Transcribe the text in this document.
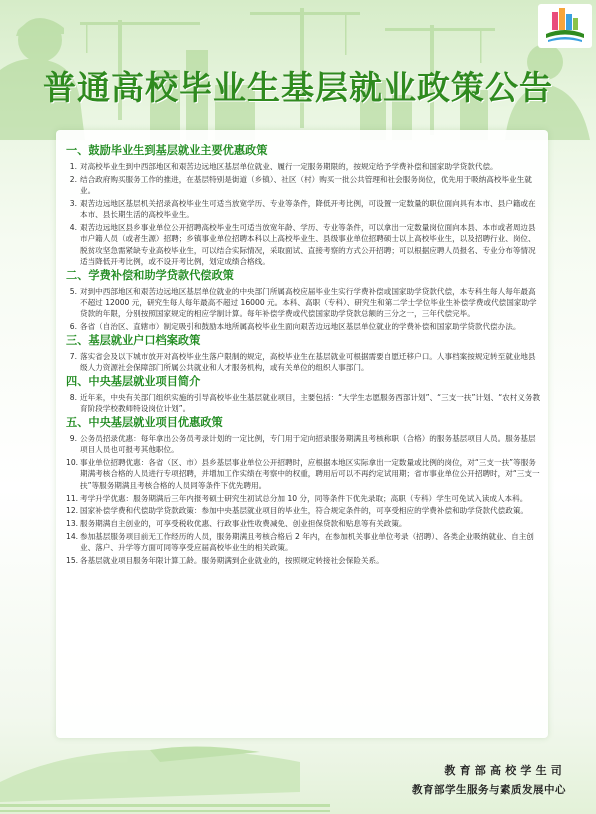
普通高校毕业生基层就业政策公告
一、鼓励毕业生到基层就业主要优惠政策
1. 对高校毕业生到中西部地区和艰苦边远地区基层单位就业、履行一定服务期限的，按规定给予学费补偿和国家助学贷款代偿。
2. 结合政府购买服务工作的推进，在基层特别是街道（乡镇）、社区（村）购买一批公共管理和社会服务岗位，优先用于吸纳高校毕业生就业。
3. 艰苦边远地区基层机关招录高校毕业生可适当放宽学历、专业等条件，降低开考比例，可设置一定数量的职位面向具有本市、县户籍或在本市、县长期生活的高校毕业生。
4. 艰苦边远地区县乡事业单位公开招聘高校毕业生可适当放宽年龄、学历、专业等条件，可以拿出一定数量岗位面向本县、本市或者周边县市户籍人员（或者生源）招聘；乡镇事业单位招聘本科以上高校毕业生、县级事业单位招聘硕士以上高校毕业生，以及招聘行业、岗位、脱贫攻坚急需紧缺专业高校毕业生，可以结合实际情况，采取面试、直接考察的方式公开招聘；可以根据应聘人员报名、专业分布等情况适当降低开考比例，或不设开考比例，划定成绩合格线。
二、学费补偿和助学贷款代偿政策
5. 对到中西部地区和艰苦边远地区基层单位就业的中央部门所属高校应届毕业生实行学费补偿或国家助学贷款代偿，本专科生每人每年最高不超过 12000 元，研究生每人每年最高不超过 16000 元。本科、高职（专科）、研究生和第二学士学位毕业生补偿学费或代偿国家助学贷款的年限，分别按照国家规定的相应学制计算。每年补偿学费或代偿国家助学贷款总额的三分之一，三年代偿完毕。
6. 各省（自治区、直辖市）制定吸引和鼓励本地所属高校毕业生面向艰苦边远地区基层单位就业的学费补偿和国家助学贷款代偿办法。
三、基层就业户口档案政策
7. 落实省会及以下城市放开对高校毕业生落户限制的规定，高校毕业生在基层就业可根据需要自愿迁移户口。人事档案按规定转至就业地县级人力资源社会保障部门所属公共就业和人才服务机构，或有关单位的组织人事部门。
四、中央基层就业项目简介
8. 近年来，中央有关部门组织实施的引导高校毕业生基层就业项目，主要包括：“大学生志愿服务西部计划”、“三支一扶”计划、“农村义务教育阶段学校教师特设岗位计划”。
五、中央基层就业项目优惠政策
9. 公务员招录优惠：每年拿出公务员考录计划的一定比例，专门用于定向招录服务期满且考核称职（合格）的服务基层项目人员。服务基层项目人员也可报考其他职位。
10. 事业单位招聘优惠：各省（区、市）县乡基层事业单位公开招聘时，应根据本地区实际拿出一定数量或比例的岗位，对“三支一扶”等服务期满考核合格的人员进行专项招聘，并增加工作实绩在考察中的权重，聘用后可以不再约定试用期；省市事业单位公开招聘时，对“三支一扶”等服务期满且考核合格的人员同等条件下优先聘用。
11. 考学升学优惠：服务期满后三年内报考硕士研究生初试总分加 10 分，同等条件下优先录取；高职（专科）学生可免试入读成人本科。
12. 国家补偿学费和代偿助学贷款政策：参加中央基层就业项目的毕业生，符合规定条件的，可享受相应的学费补偿和助学贷款代偿政策。
13. 服务期满自主创业的，可享受税收优惠、行政事业性收费减免、创业担保贷款和贴息等有关政策。
14. 参加基层服务项目前无工作经历的人员，服务期满且考核合格后 2 年内，在参加机关事业单位考录（招聘）、各类企业吸纳就业、自主创业、落户、升学等方面可同等享受应届高校毕业生的相关政策。
15. 各基层就业项目服务年限计算工龄。服务期满到企业就业的，按照规定转接社会保险关系。
教育部高校学生司
教育部学生服务与素质发展中心
